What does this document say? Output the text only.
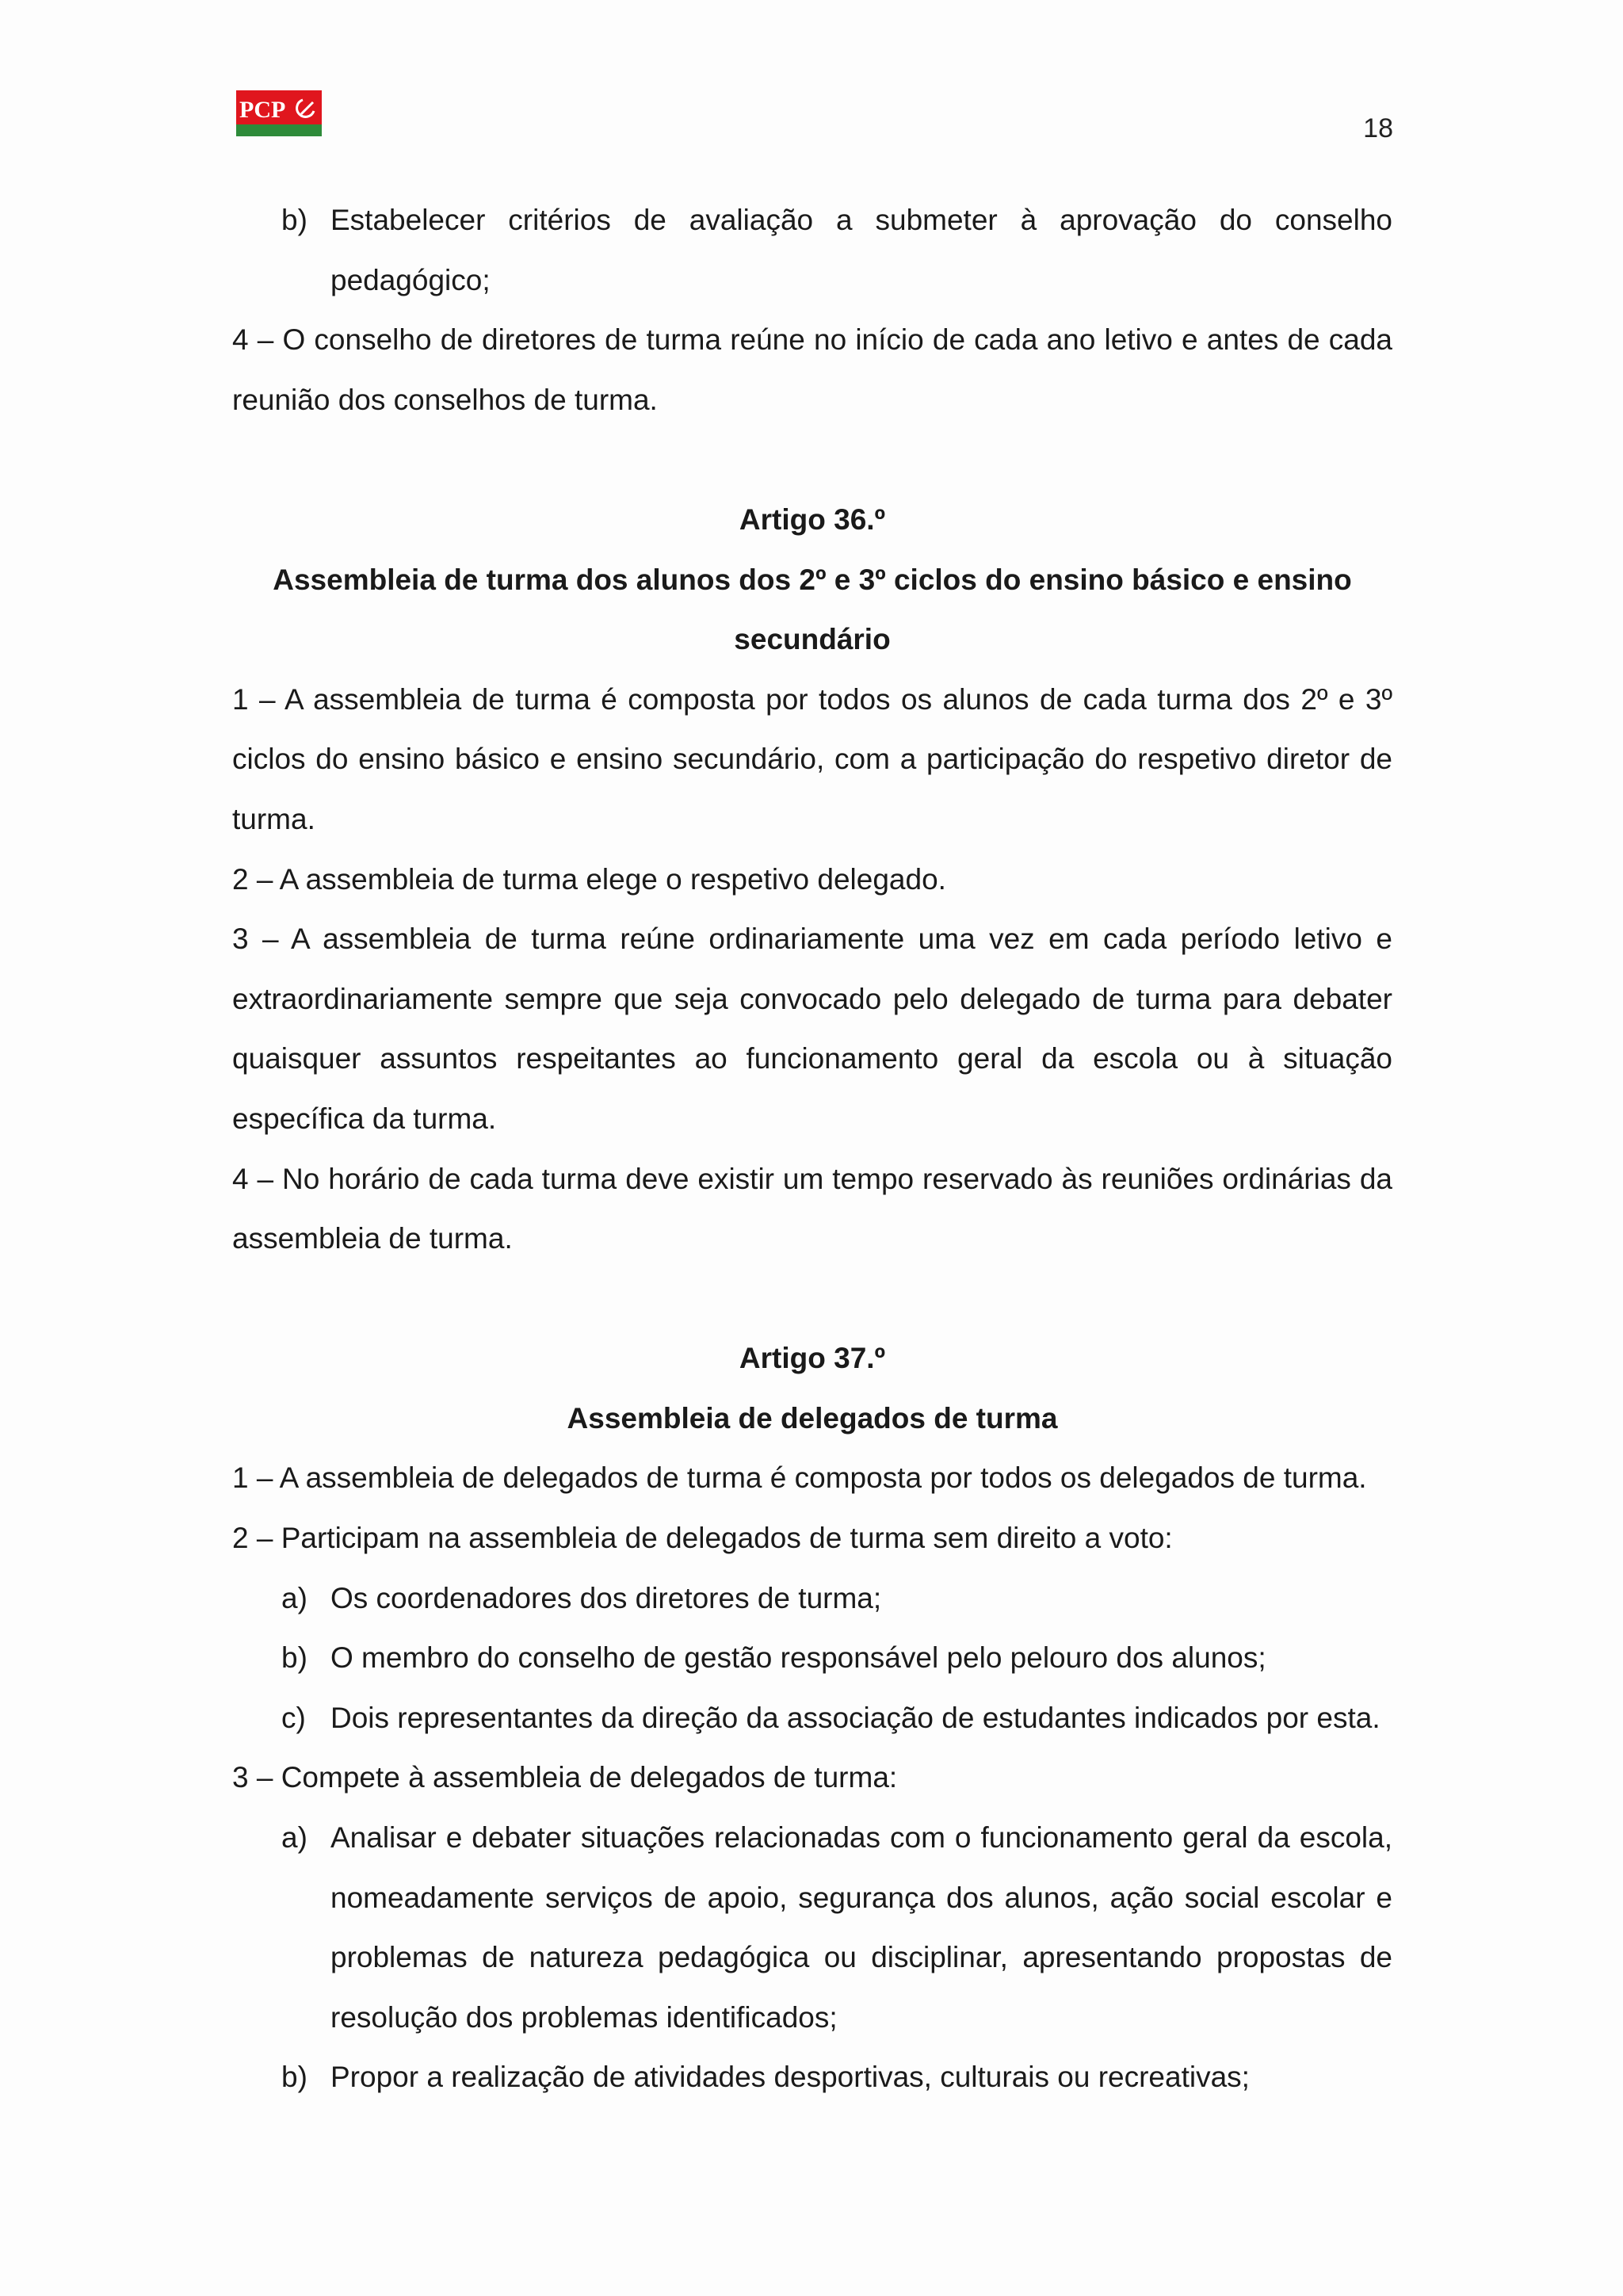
PCP
18
b) Estabelecer critérios de avaliação a submeter à aprovação do conselho pedagógico;

4 – O conselho de diretores de turma reúne no início de cada ano letivo e antes de cada reunião dos conselhos de turma.

Artigo 36.º

Assembleia de turma dos alunos dos 2º e 3º ciclos do ensino básico e ensino secundário

1 – A assembleia de turma é composta por todos os alunos de cada turma dos 2º e 3º ciclos do ensino básico e ensino secundário, com a participação do respetivo diretor de turma.

2 – A assembleia de turma elege o respetivo delegado.

3 – A assembleia de turma reúne ordinariamente uma vez em cada período letivo e extraordinariamente sempre que seja convocado pelo delegado de turma para debater quaisquer assuntos respeitantes ao funcionamento geral da escola ou à situação específica da turma.

4 – No horário de cada turma deve existir um tempo reservado às reuniões ordinárias da assembleia de turma.

Artigo 37.º

Assembleia de delegados de turma

1 – A assembleia de delegados de turma é composta por todos os delegados de turma.

2 – Participam na assembleia de delegados de turma sem direito a voto:

a) Os coordenadores dos diretores de turma;
b) O membro do conselho de gestão responsável pelo pelouro dos alunos;
c) Dois representantes da direção da associação de estudantes indicados por esta.

3 – Compete à assembleia de delegados de turma:

a) Analisar e debater situações relacionadas com o funcionamento geral da escola, nomeadamente serviços de apoio, segurança dos alunos, ação social escolar e problemas de natureza pedagógica ou disciplinar, apresentando propostas de resolução dos problemas identificados;
b) Propor a realização de atividades desportivas, culturais ou recreativas;
